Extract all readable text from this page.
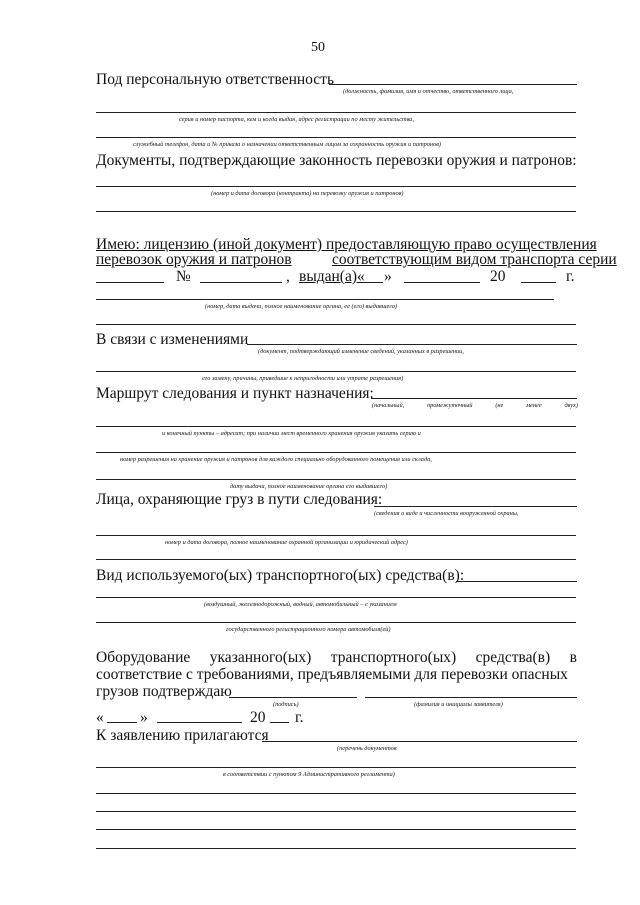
50
Под персональную ответственность
(должность, фамилия, имя и отчество, ответственного лица,
серия и номер паспорта, кем и когда выдан, адрес регистрации по месту жительства,
служебный телефон, дата и № приказа о назначении ответственным лицом за сохранность оружия и патронов)
Документы, подтверждающие законность перевозки оружия и патронов:
(номер и дата договора (контракта) на перевозку оружия и патронов)
Имею: лицензию (иной документ) предоставляющую право осуществления
перевозок оружия и патронов	соответствующим видом транспорта серии
№	, выдан(а)« »	20	г.
(номер, дата выдачи, полное наименование органа, ее (его) выдавшего)
В связи с изменениями
(документ, подтверждающий изменение сведений, указанных в разрешении,
его замену, причины, приведшие к непригодности или утрате разрешения)
Маршрут следования и пункт назначения:
(начальный,	промежуточный	(не	менее	двух)
и конечный пункты – адресат; при наличии мест временного хранения оружия указать серию и
номер разрешения на хранение оружия и патронов для каждого специально оборудованного помещения или склада,
дату выдачи, полное наименование органа его выдавшего)
Лица, охраняющие груз в пути следования:
(сведения о виде и численности вооруженной охраны,
номер и дата договора, полное наименование охранной организации и юридический адрес)
Вид используемого(ых) транспортного(ых) средства(в):
(воздушный, железнодорожный, водный, автомобильный – с указанием
государственного регистрационного номера автомобиля(ей)
Оборудование указанного(ых) транспортного(ых) средства(в) в
соответствие с требованиями, предъявляемыми для перевозки опасных
грузов подтверждаю
(подпись)	(фамилия и инициалы заявителя)
« »	20 г.
К заявлению прилагаются
(перечень документов
в соответствии с пунктом 9 Административного регламента)
